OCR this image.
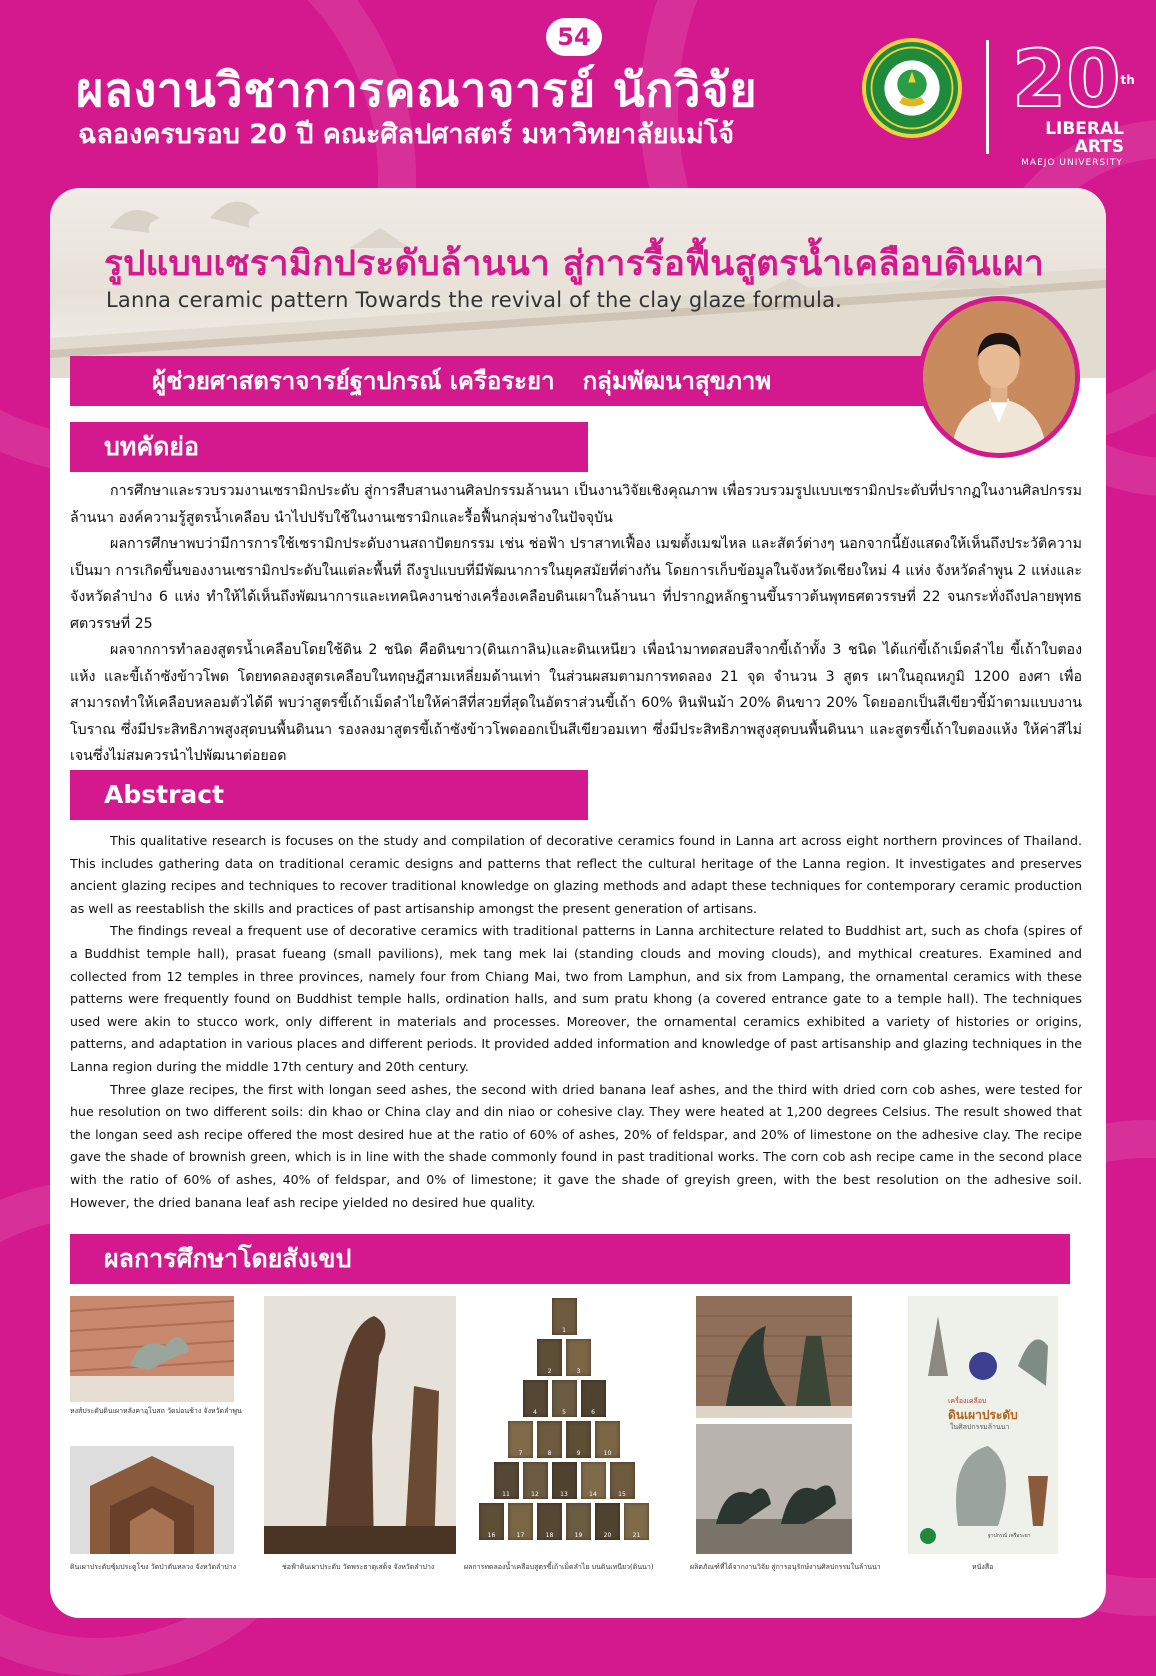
54
ผลงานวิชาการคณาจารย์ นักวิจัย
ฉลองครบรอบ 20 ปี คณะศิลปศาสตร์ มหาวิทยาลัยแม่โจ้
20th
LIBERAL ARTS
MAEJO UNIVERSITY
รูปแบบเซรามิกประดับล้านนา สู่การรื้อฟื้นสูตรน้ำเคลือบดินเผา
Lanna ceramic pattern Towards the revival of the clay glaze formula.
ผู้ช่วยศาสตราจารย์ฐาปกรณ์ เครือระยา กลุ่มพัฒนาสุขภาพ
บทคัดย่อ

การศึกษาและรวบรวมงานเซรามิกประดับ สู่การสืบสานงานศิลปกรรมล้านนา เป็นงานวิจัยเชิงคุณภาพ เพื่อรวบรวมรูปแบบเซรามิกประดับที่ปรากฏในงานศิลปกรรมล้านนา องค์ความรู้สูตรน้ำเคลือบ นำไปปรับใช้ในงานเซรามิกและรื้อฟื้นกลุ่มช่างในปัจจุบัน

ผลการศึกษาพบว่ามีการการใช้เซรามิกประดับงานสถาปัตยกรรม เช่น ช่อฟ้า ปราสาทเฟื้อง เมฆตั้งเมฆไหล และสัตว์ต่างๆ นอกจากนี้ยังแสดงให้เห็นถึงประวัติความเป็นมา การเกิดขึ้นของงานเซรามิกประดับในแต่ละพื้นที่ ถึงรูปแบบที่มีพัฒนาการในยุคสมัยที่ต่างกัน โดยการเก็บข้อมูลในจังหวัดเชียงใหม่ 4 แห่ง จังหวัดลำพูน 2 แห่งและจังหวัดลำปาง 6 แห่ง ทำให้ได้เห็นถึงพัฒนาการและเทคนิคงานช่างเครื่องเคลือบดินเผาในล้านนา ที่ปรากฏหลักฐานขึ้นราวต้นพุทธศตวรรษที่ 22 จนกระทั่งถึงปลายพุทธศตวรรษที่ 25

ผลจากการทำลองสูตรน้ำเคลือบโดยใช้ดิน 2 ชนิด คือดินขาว(ดินเกาลิน)และดินเหนียว เพื่อนำมาทดสอบสีจากขี้เถ้าทั้ง 3 ชนิด ได้แก่ขี้เถ้าเม็ดลำไย ขี้เถ้าใบตองแห้ง และขี้เถ้าซังข้าวโพด โดยทดลองสูตรเคลือบในทฤษฎีสามเหลี่ยมด้านเท่า ในส่วนผสมตามการทดลอง 21 จุด จำนวน 3 สูตร เผาในอุณหภูมิ 1200 องศา เพื่อสามารถทำให้เคลือบหลอมตัวได้ดี พบว่าสูตรขี้เถ้าเม็ดลำไยให้ค่าสีที่สวยที่สุดในอัตราส่วนขี้เถ้า 60% หินฟันม้า 20% ดินขาว 20% โดยออกเป็นสีเขียวขี้ม้าตามแบบงานโบราณ ซึ่งมีประสิทธิภาพสูงสุดบนพื้นดินนา รองลงมาสูตรขี้เถ้าซังข้าวโพดออกเป็นสีเขียวอมเทา ซึ่งมีประสิทธิภาพสูงสุดบนพื้นดินนา และสูตรขี้เถ้าใบตองแห้ง ให้ค่าสีไม่เจนซึ่งไม่สมควรนำไปพัฒนาต่อยอด

Abstract

This qualitative research is focuses on the study and compilation of decorative ceramics found in Lanna art across eight northern provinces of Thailand. This includes gathering data on traditional ceramic designs and patterns that reflect the cultural heritage of the Lanna region. It investigates and preserves ancient glazing recipes and techniques to recover traditional knowledge on glazing methods and adapt these techniques for contemporary ceramic production as well as reestablish the skills and practices of past artisanship amongst the present generation of artisans.

The findings reveal a frequent use of decorative ceramics with traditional patterns in Lanna architecture related to Buddhist art, such as chofa (spires of a Buddhist temple hall), prasat fueang (small pavilions), mek tang mek lai (standing clouds and moving clouds), and mythical creatures. Examined and collected from 12 temples in three provinces, namely four from Chiang Mai, two from Lamphun, and six from Lampang, the ornamental ceramics with these patterns were frequently found on Buddhist temple halls, ordination halls, and sum pratu khong (a covered entrance gate to a temple hall). The techniques used were akin to stucco work, only different in materials and processes. Moreover, the ornamental ceramics exhibited a variety of histories or origins, patterns, and adaptation in various places and different periods. It provided added information and knowledge of past artisanship and glazing techniques in the Lanna region during the middle 17th century and 20th century.

Three glaze recipes, the first with longan seed ashes, the second with dried banana leaf ashes, and the third with dried corn cob ashes, were tested for hue resolution on two different soils: din khao or China clay and din niao or cohesive clay. They were heated at 1,200 degrees Celsius. The result showed that the longan seed ash recipe offered the most desired hue at the ratio of 60% of ashes, 20% of feldspar, and 20% of limestone on the adhesive clay. The recipe gave the shade of brownish green, which is in line with the shade commonly found in past traditional works. The corn cob ash recipe came in the second place with the ratio of 60% of ashes, 40% of feldspar, and 0% of limestone; it gave the shade of greyish green, with the best resolution on the adhesive soil. However, the dried banana leaf ash recipe yielded no desired hue quality.

ผลการศึกษาโดยสังเขป
หงส์ประดับดินเผาหลังคาอุโบสถ วัดม่อนช้าง จังหวัดลำพูน
ดินเผาประดับซุ้มประตูโขง วัดป่าตันหลวง จังหวัดลำปาง	ช่อฟ้าดินเผาประดับ วัดพระธาตุเสด็จ จังหวัดลำปาง
1
2	3
4	5	6
7	8	9	10
11	12	13	14	15
16	17	18	19	20	21
ผลการทดลองน้ำเคลือบสูตรขี้เถ้าเม็ดลำไย บนดินเหนียว(ดินนา)	ผลิตภัณฑ์ที่ได้จากงานวิจัย สู่การอนุรักษ์งานศิลปกรรมในล้านนา
เครื่องเคลือบ
ดินเผาประดับ
ในศิลปกรรมล้านนา
ฐาปกรณ์ เครือระยา
หนังสือ
